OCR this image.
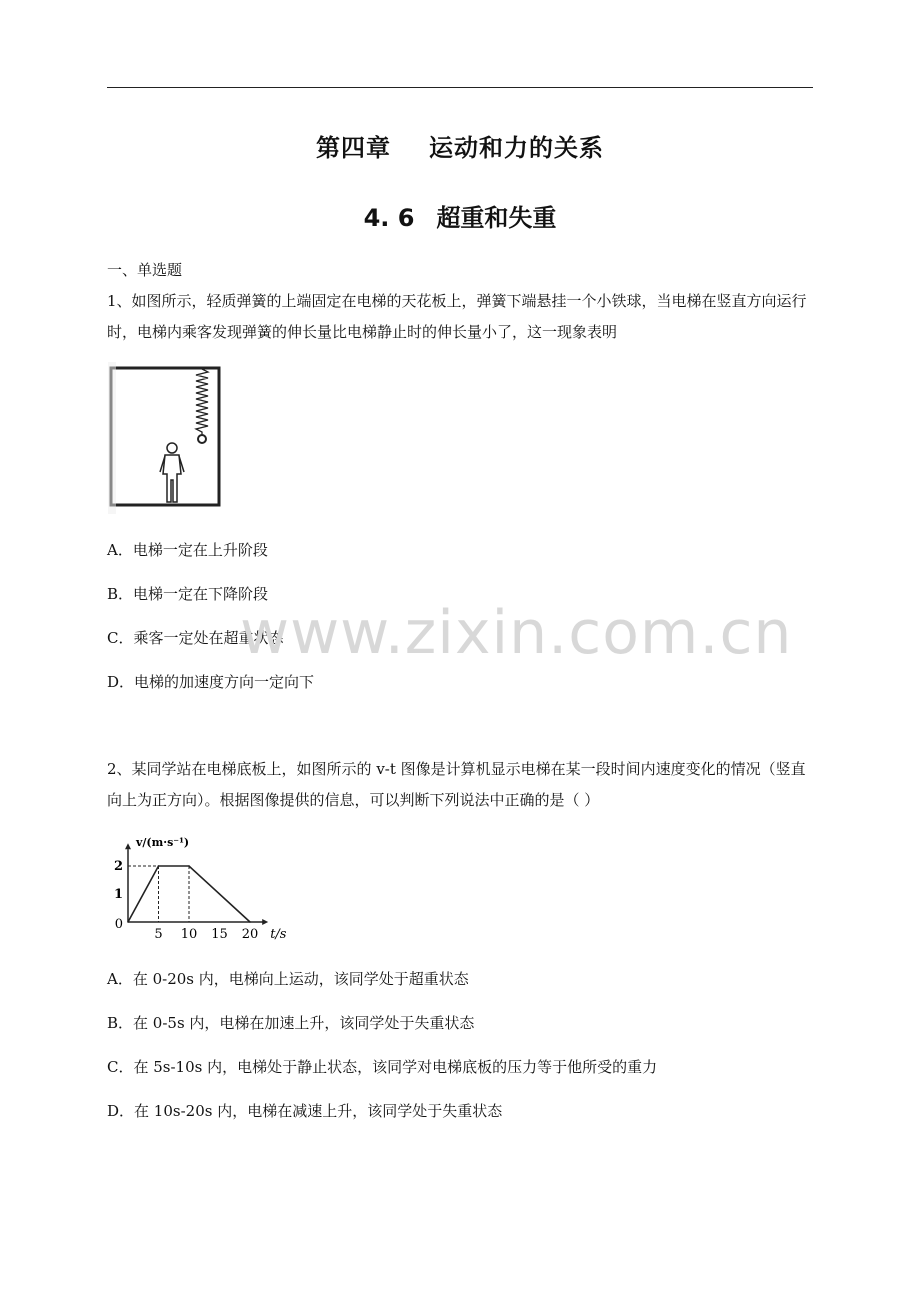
第四章 运动和力的关系
4. 6 超重和失重
一、单选题
1、如图所示，轻质弹簧的上端固定在电梯的天花板上，弹簧下端悬挂一个小铁球，当电梯在竖直方向运行时，电梯内乘客发现弹簧的伸长量比电梯静止时的伸长量小了，这一现象表明
A．电梯一定在上升阶段
B．电梯一定在下降阶段
C．乘客一定处在超重状态
D．电梯的加速度方向一定向下
www.zixin.com.cn
2、某同学站在电梯底板上，如图所示的 v-t 图像是计算机显示电梯在某一段时间内速度变化的情况（竖直向上为正方向）。根据图像提供的信息，可以判断下列说法中正确的是（ ）
5 10 15 20
1
2
0
v/(m·s⁻¹)
t/s
A．在 0-20s 内，电梯向上运动，该同学处于超重状态
B．在 0-5s 内，电梯在加速上升，该同学处于失重状态
C．在 5s-10s 内，电梯处于静止状态，该同学对电梯底板的压力等于他所受的重力
D．在 10s-20s 内，电梯在减速上升，该同学处于失重状态
